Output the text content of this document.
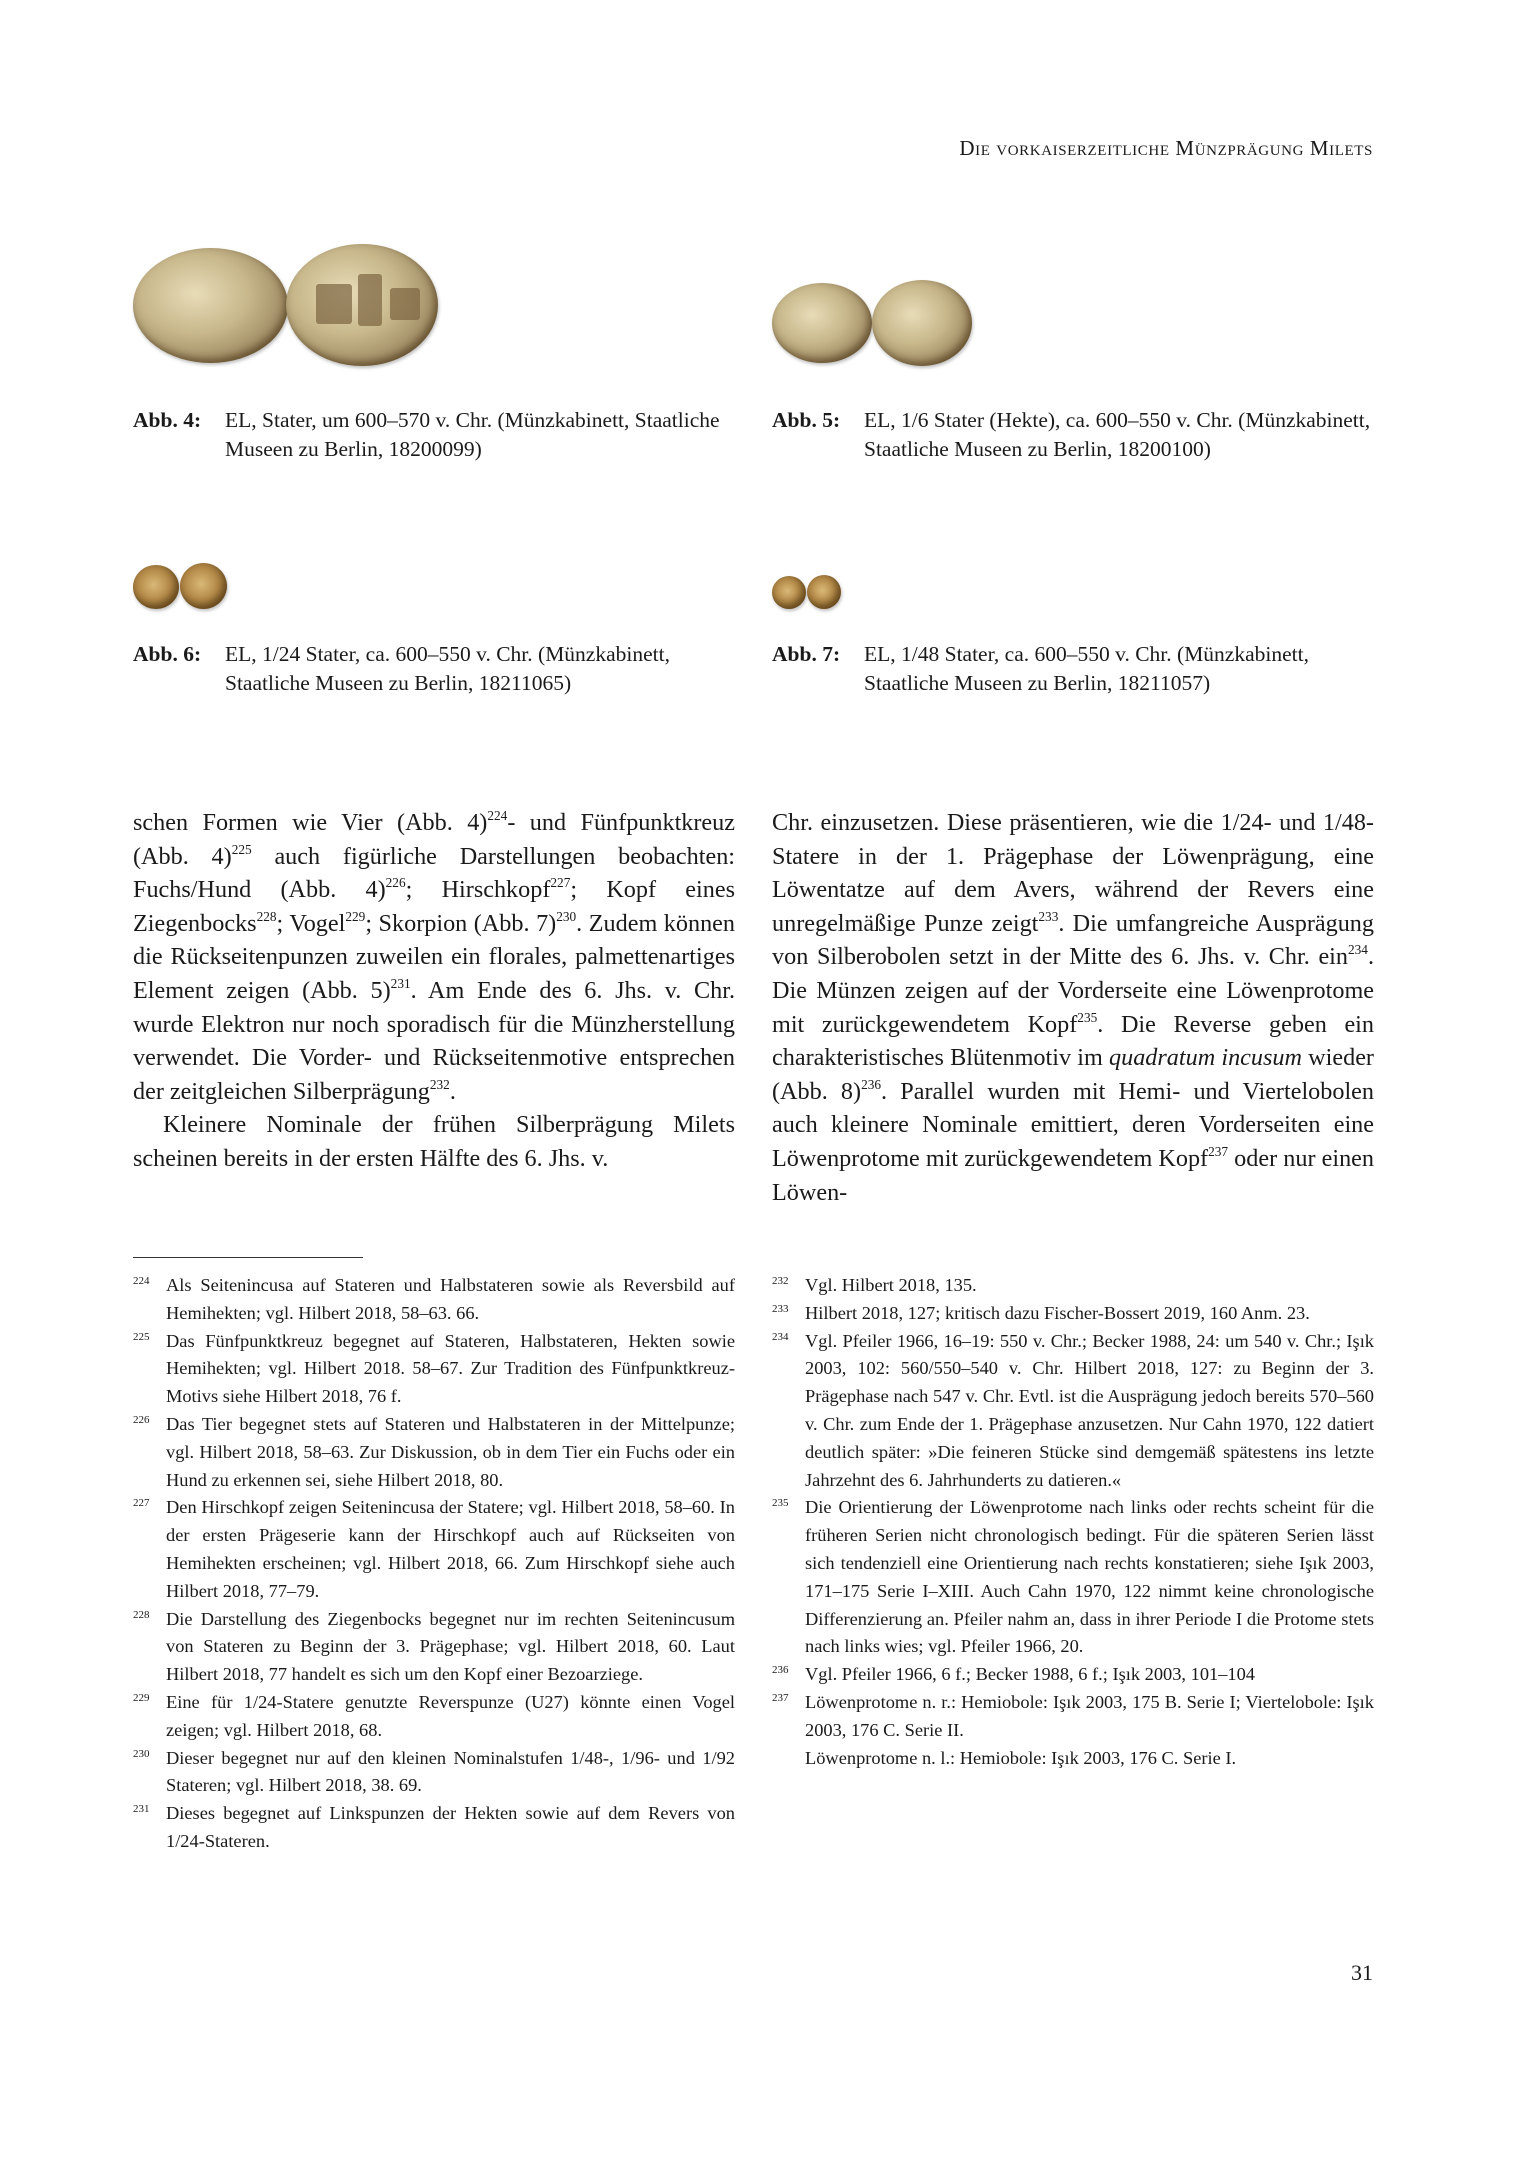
Die vorkaiserzeitliche Münzprägung Milets
Abb. 4: EL, Stater, um 600–570 v. Chr. (Münzkabinett, Staatliche Museen zu Berlin, 18200099)
Abb. 5: EL, 1/6 Stater (Hekte), ca. 600–550 v. Chr. (Münzkabinett, Staatliche Museen zu Berlin, 18200100)
Abb. 6: EL, 1/24 Stater, ca. 600–550 v. Chr. (Münzkabinett, Staatliche Museen zu Berlin, 18211065)
Abb. 7: EL, 1/48 Stater, ca. 600–550 v. Chr. (Münzkabinett, Staatliche Museen zu Berlin, 18211057)

schen Formen wie Vier (Abb. 4)$^{224}$- und Fünfpunktkreuz (Abb. 4)$^{225}$ auch figürliche Darstellungen beobachten: Fuchs/Hund (Abb. 4)$^{226}$; Hirschkopf$^{227}$; Kopf eines Ziegenbocks$^{228}$; Vogel$^{229}$; Skorpion (Abb. 7)$^{230}$. Zudem können die Rückseitenpunzen zuweilen ein florales, palmettenartiges Element zeigen (Abb. 5)$^{231}$. Am Ende des 6. Jhs. v. Chr. wurde Elektron nur noch sporadisch für die Münzherstellung verwendet. Die Vorder- und Rückseitenmotive entsprechen der zeitgleichen Silberprägung$^{232}$.

Kleinere Nominale der frühen Silberprägung Milets scheinen bereits in der ersten Hälfte des 6. Jhs. v.

Chr. einzusetzen. Diese präsentieren, wie die 1/24- und 1/48-Statere in der 1. Prägephase der Löwenprägung, eine Löwentatze auf dem Avers, während der Revers eine unregelmäßige Punze zeigt$^{233}$. Die umfangreiche Ausprägung von Silberobolen setzt in der Mitte des 6. Jhs. v. Chr. ein$^{234}$. Die Münzen zeigen auf der Vorderseite eine Löwenprotome mit zurückgewendetem Kopf$^{235}$. Die Reverse geben ein charakteristisches Blütenmotiv im quadratum incusum wieder (Abb. 8)$^{236}$. Parallel wurden mit Hemi- und Viertelobolen auch kleinere Nominale emittiert, deren Vorderseiten eine Löwenprotome mit zurückgewendetem Kopf$^{237}$ oder nur einen Löwen-

224 Als Seitenincusa auf Stateren und Halbstateren sowie als Reversbild auf Hemihekten; vgl. Hilbert 2018, 58–63. 66.
225 Das Fünfpunktkreuz begegnet auf Stateren, Halbstateren, Hekten sowie Hemihekten; vgl. Hilbert 2018. 58–67. Zur Tradition des Fünfpunktkreuz-Motivs siehe Hilbert 2018, 76 f.
226 Das Tier begegnet stets auf Stateren und Halbstateren in der Mittelpunze; vgl. Hilbert 2018, 58–63. Zur Diskussion, ob in dem Tier ein Fuchs oder ein Hund zu erkennen sei, siehe Hilbert 2018, 80.
227 Den Hirschkopf zeigen Seitenincusa der Statere; vgl. Hilbert 2018, 58–60. In der ersten Prägeserie kann der Hirschkopf auch auf Rückseiten von Hemihekten erscheinen; vgl. Hilbert 2018, 66. Zum Hirschkopf siehe auch Hilbert 2018, 77–79.
228 Die Darstellung des Ziegenbocks begegnet nur im rechten Seitenincusum von Stateren zu Beginn der 3. Prägephase; vgl. Hilbert 2018, 60. Laut Hilbert 2018, 77 handelt es sich um den Kopf einer Bezoarziege.
229 Eine für 1/24-Statere genutzte Reverspunze (U27) könnte einen Vogel zeigen; vgl. Hilbert 2018, 68.
230 Dieser begegnet nur auf den kleinen Nominalstufen 1/48-, 1/96- und 1/92 Stateren; vgl. Hilbert 2018, 38. 69.
231 Dieses begegnet auf Linkspunzen der Hekten sowie auf dem Revers von 1/24-Stateren.
232 Vgl. Hilbert 2018, 135.
233 Hilbert 2018, 127; kritisch dazu Fischer-Bossert 2019, 160 Anm. 23.
234 Vgl. Pfeiler 1966, 16–19: 550 v. Chr.; Becker 1988, 24: um 540 v. Chr.; Işık 2003, 102: 560/550–540 v. Chr. Hilbert 2018, 127: zu Beginn der 3. Prägephase nach 547 v. Chr. Evtl. ist die Ausprägung jedoch bereits 570–560 v. Chr. zum Ende der 1. Prägephase anzusetzen. Nur Cahn 1970, 122 datiert deutlich später: »Die feineren Stücke sind demgemäß spätestens ins letzte Jahrzehnt des 6. Jahrhunderts zu datieren.«
235 Die Orientierung der Löwenprotome nach links oder rechts scheint für die früheren Serien nicht chronologisch bedingt. Für die späteren Serien lässt sich tendenziell eine Orientierung nach rechts konstatieren; siehe Işık 2003, 171–175 Serie I–XIII. Auch Cahn 1970, 122 nimmt keine chronologische Differenzierung an. Pfeiler nahm an, dass in ihrer Periode I die Protome stets nach links wies; vgl. Pfeiler 1966, 20.
236 Vgl. Pfeiler 1966, 6 f.; Becker 1988, 6 f.; Işık 2003, 101–104
237 Löwenprotome n. r.: Hemiobole: Işık 2003, 175 B. Serie I; Viertelobole: Işık 2003, 176 C. Serie II.
Löwenprotome n. l.: Hemiobole: Işık 2003, 176 C. Serie I.
31
